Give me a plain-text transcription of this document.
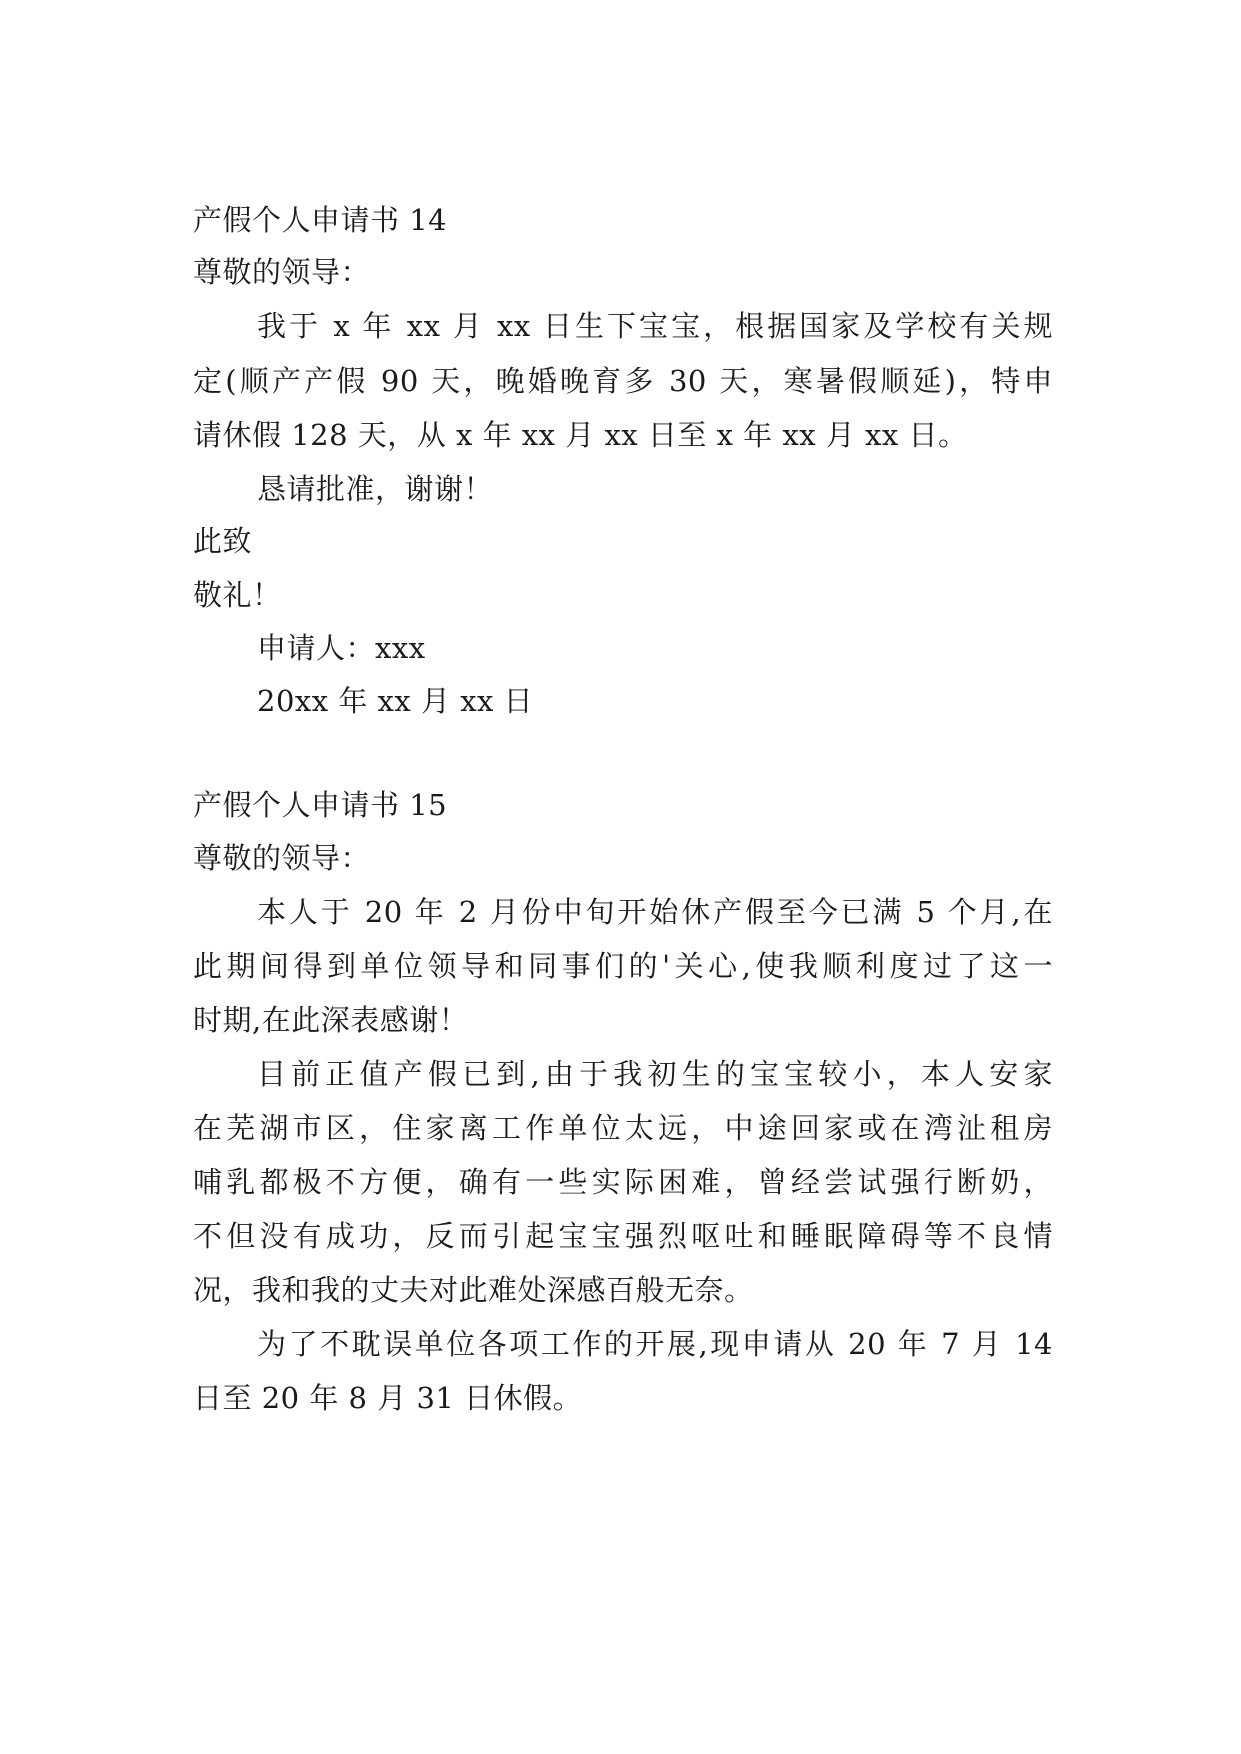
产假个人申请书 14
尊敬的领导：
我于 x 年 xx 月 xx 日生下宝宝，根据国家及学校有关规
定(顺产产假 90 天，晚婚晚育多 30 天，寒暑假顺延)，特申
请休假 128 天，从 x 年 xx 月 xx 日至 x 年 xx 月 xx 日。
恳请批准，谢谢！
此致
敬礼！
申请人：xxx
20xx 年 xx 月 xx 日
产假个人申请书 15
尊敬的领导：
本人于 20 年 2 月份中旬开始休产假至今已满 5 个月,在
此期间得到单位领导和同事们的'关心,使我顺利度过了这一
时期,在此深表感谢！
目前正值产假已到,由于我初生的宝宝较小，本人安家
在芜湖市区，住家离工作单位太远，中途回家或在湾沚租房
哺乳都极不方便，确有一些实际困难，曾经尝试强行断奶，
不但没有成功，反而引起宝宝强烈呕吐和睡眠障碍等不良情
况，我和我的丈夫对此难处深感百般无奈。
为了不耽误单位各项工作的开展,现申请从 20 年 7 月 14
日至 20 年 8 月 31 日休假。
